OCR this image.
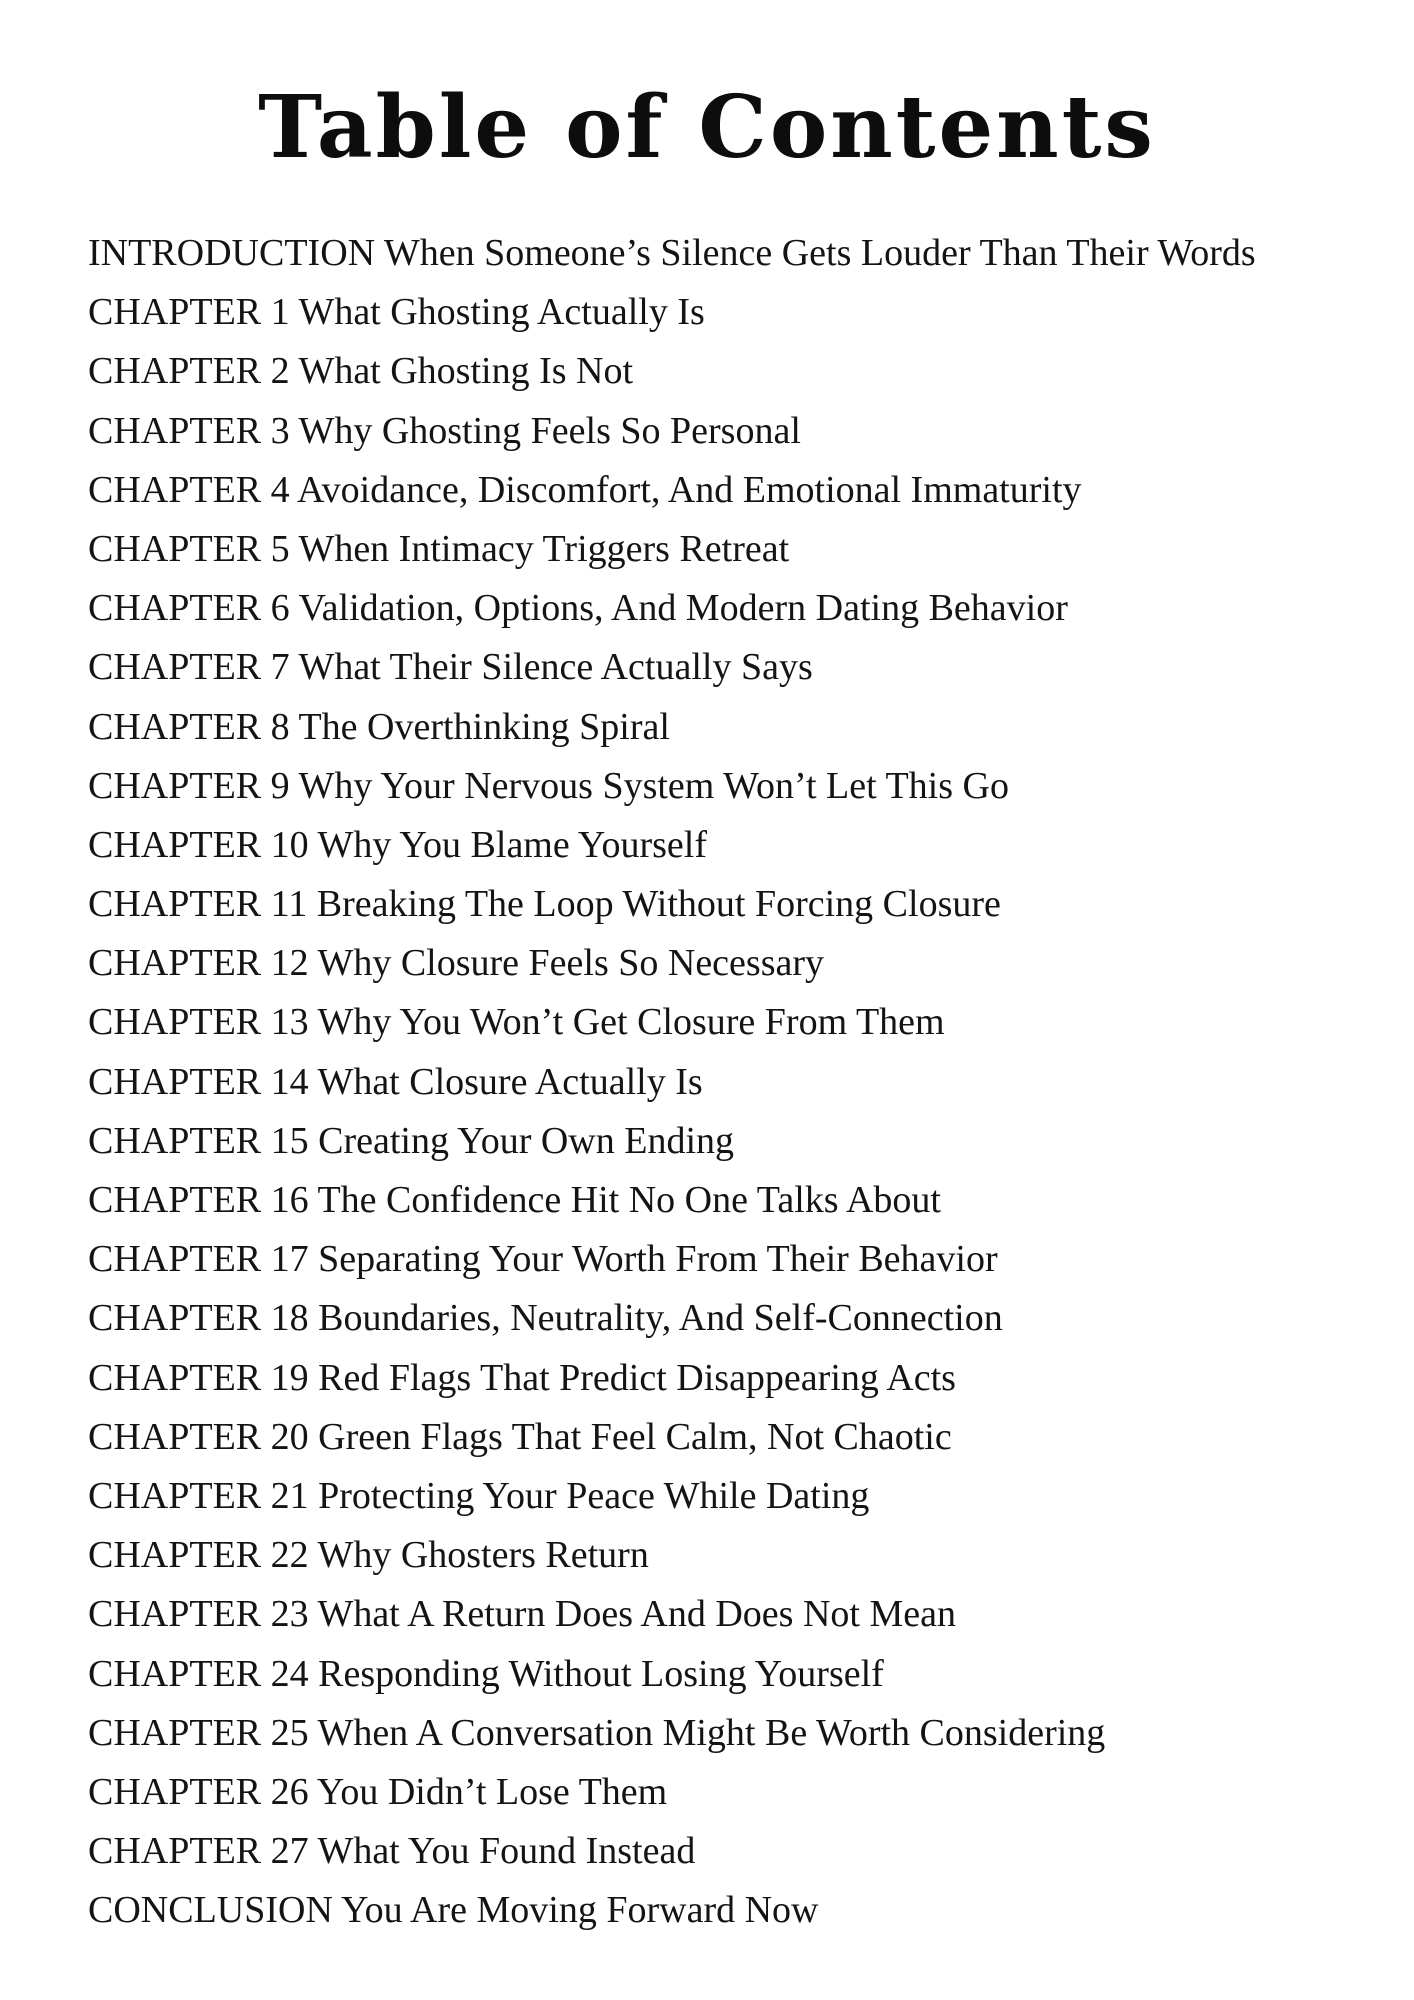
Table of Contents
INTRODUCTION When Someone’s Silence Gets Louder Than Their Words
CHAPTER 1 What Ghosting Actually Is
CHAPTER 2 What Ghosting Is Not
CHAPTER 3 Why Ghosting Feels So Personal
CHAPTER 4 Avoidance, Discomfort, And Emotional Immaturity
CHAPTER 5 When Intimacy Triggers Retreat
CHAPTER 6 Validation, Options, And Modern Dating Behavior
CHAPTER 7 What Their Silence Actually Says
CHAPTER 8 The Overthinking Spiral
CHAPTER 9 Why Your Nervous System Won’t Let This Go
CHAPTER 10 Why You Blame Yourself
CHAPTER 11 Breaking The Loop Without Forcing Closure
CHAPTER 12 Why Closure Feels So Necessary
CHAPTER 13 Why You Won’t Get Closure From Them
CHAPTER 14 What Closure Actually Is
CHAPTER 15 Creating Your Own Ending
CHAPTER 16 The Confidence Hit No One Talks About
CHAPTER 17 Separating Your Worth From Their Behavior
CHAPTER 18 Boundaries, Neutrality, And Self-Connection
CHAPTER 19 Red Flags That Predict Disappearing Acts
CHAPTER 20 Green Flags That Feel Calm, Not Chaotic
CHAPTER 21 Protecting Your Peace While Dating
CHAPTER 22 Why Ghosters Return
CHAPTER 23 What A Return Does And Does Not Mean
CHAPTER 24 Responding Without Losing Yourself
CHAPTER 25 When A Conversation Might Be Worth Considering
CHAPTER 26 You Didn’t Lose Them
CHAPTER 27 What You Found Instead
CONCLUSION You Are Moving Forward Now
